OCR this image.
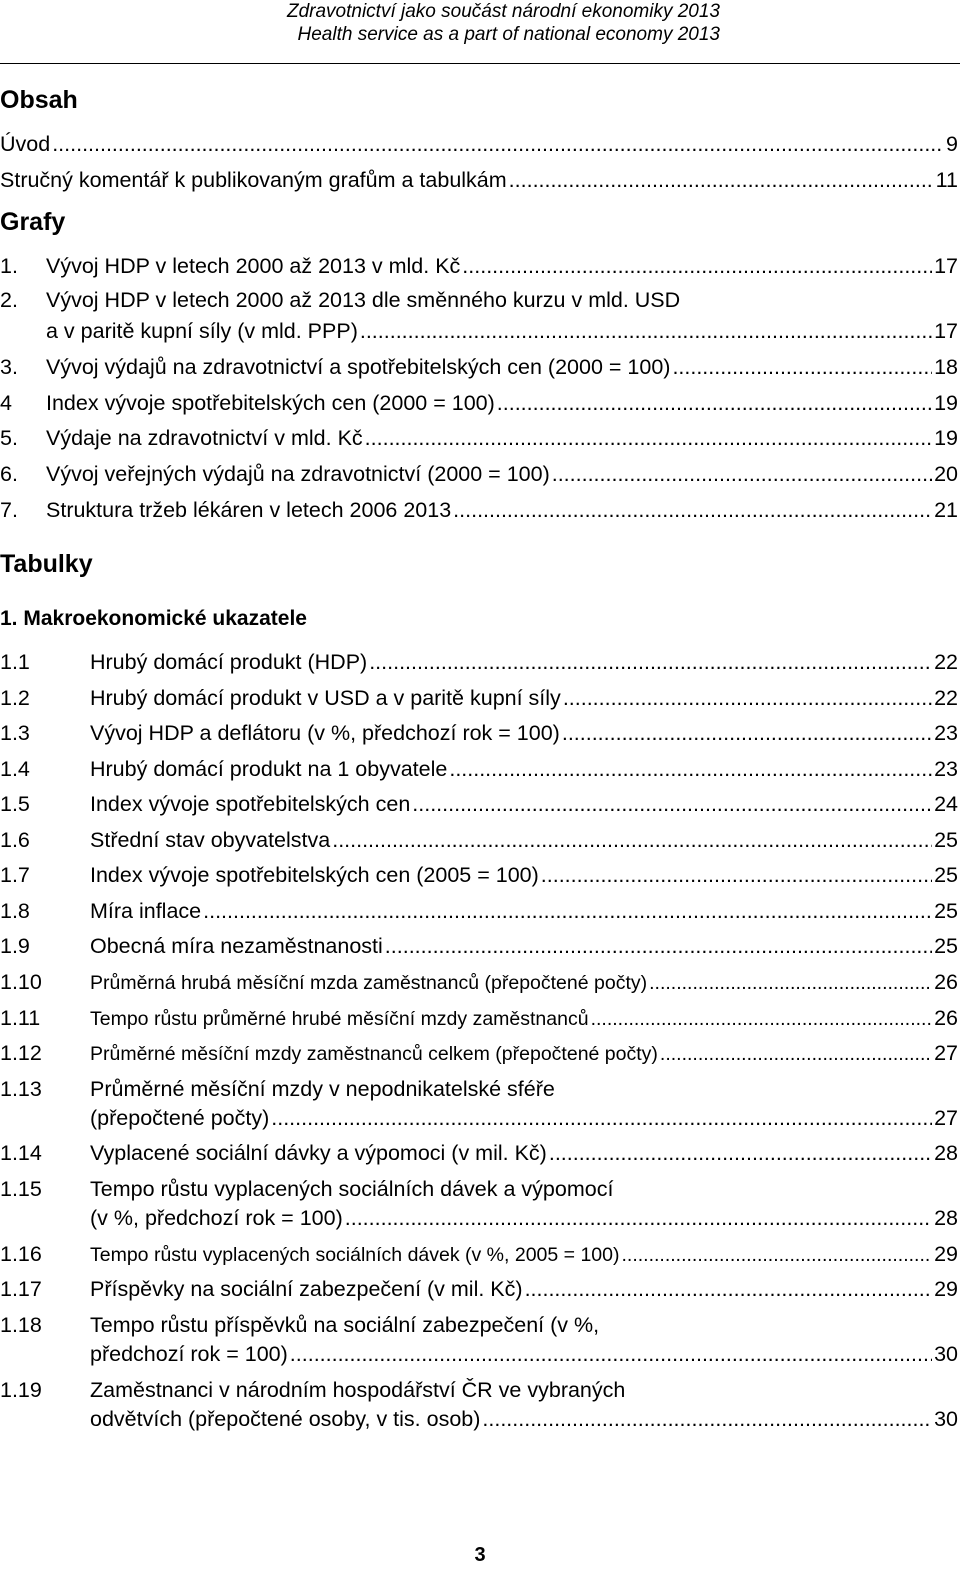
Zdravotnictví jako součást národní ekonomiky 2013
Health service as a part of national economy 2013
Obsah
Úvod .....	9
Stručný komentář k publikovaným grafům a tabulkám .....	11
Grafy
1.	Vývoj HDP v letech 2000 až 2013 v mld. Kč .....	17
2.	Vývoj HDP v letech 2000 až 2013 dle směnného kurzu v mld. USD
a v paritě kupní síly (v mld. PPP) .....	17
3.	Vývoj výdajů na zdravotnictví a spotřebitelských cen (2000 = 100) .....	18
4	Index vývoje spotřebitelských cen (2000 = 100) .....	19
5.	Výdaje na zdravotnictví v mld. Kč .....	19
6.	Vývoj veřejných výdajů na zdravotnictví (2000 = 100) .....	20
7.	Struktura tržeb lékáren v letech 2006 2013 .....	21
Tabulky
1. Makroekonomické ukazatele
1.1	Hrubý domácí produkt (HDP) .....	22
1.2	Hrubý domácí produkt v USD a v paritě kupní síly .....	22
1.3	Vývoj HDP a deflátoru (v %, předchozí rok = 100) .....	23
1.4	Hrubý domácí produkt na 1 obyvatele .....	23
1.5	Index vývoje spotřebitelských cen .....	24
1.6	Střední stav obyvatelstva .....	25
1.7	Index vývoje spotřebitelských cen (2005 = 100) .....	25
1.8	Míra inflace .....	25
1.9	Obecná míra nezaměstnanosti .....	25
1.10	Průměrná hrubá měsíční mzda zaměstnanců (přepočtené počty) .....	26
1.11	Tempo růstu průměrné hrubé měsíční mzdy zaměstnanců .....	26
1.12	Průměrné měsíční mzdy zaměstnanců celkem (přepočtené počty) .....	27
1.13	Průměrné měsíční mzdy v nepodnikatelské sféře
(přepočtené počty) .....	27
1.14	Vyplacené sociální dávky a výpomoci (v mil. Kč) .....	28
1.15	Tempo růstu vyplacených sociálních dávek a výpomocí
(v %, předchozí rok = 100) .....	28
1.16	Tempo růstu vyplacených sociálních dávek (v %, 2005 = 100) .....	29
1.17	Příspěvky na sociální zabezpečení (v mil. Kč) .....	29
1.18	Tempo růstu příspěvků na sociální zabezpečení (v %,
předchozí rok = 100) .....	30
1.19	Zaměstnanci v národním hospodářství ČR ve vybraných
odvětvích (přepočtené osoby, v tis. osob) .....	30
3
